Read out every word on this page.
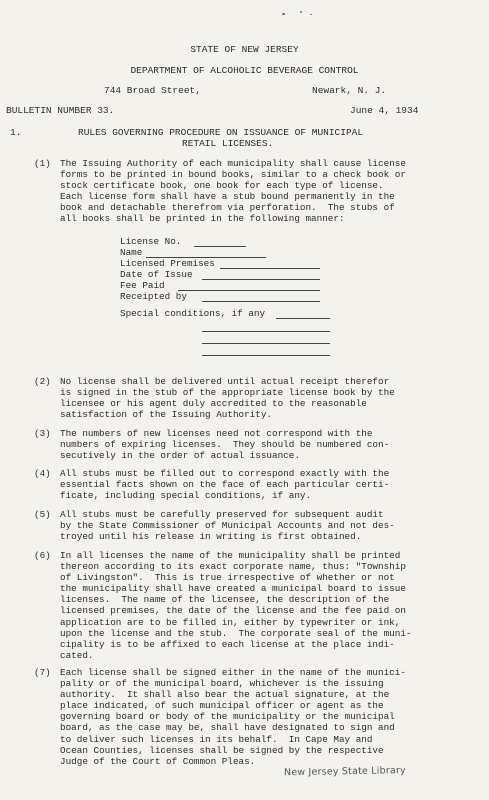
STATE OF NEW JERSEY
DEPARTMENT OF ALCOHOLIC BEVERAGE CONTROL
744 Broad Street,	Newark, N. J.
BULLETIN NUMBER 33.	June 4, 1934
1.	RULES GOVERNING PROCEDURE ON ISSUANCE OF MUNICIPAL
RETAIL LICENSES.
(1) The Issuing Authority of each municipality shall cause license
forms to be printed in bound books, similar to a check book or
stock certificate book, one book for each type of license.
Each license form shall have a stub bound permanently in the
book and detachable therefrom via perforation.  The stubs of
all books shall be printed in the following manner:
License No.
Name
Licensed Premises
Date of Issue
Fee Paid
Receipted by
Special conditions, if any
(2) No license shall be delivered until actual receipt therefor
is signed in the stub of the appropriate license book by the
licensee or his agent duly accredited to the reasonable
satisfaction of the Issuing Authority.
(3) The numbers of new licenses need not correspond with the
numbers of expiring licenses.  They should be numbered con-
secutively in the order of actual issuance.
(4) All stubs must be filled out to correspond exactly with the
essential facts shown on the face of each particular certi-
ficate, including special conditions, if any.
(5) All stubs must be carefully preserved for subsequent audit
by the State Commissioner of Municipal Accounts and not des-
troyed until his release in writing is first obtained.
(6) In all licenses the name of the municipality shall be printed
thereon according to its exact corporate name, thus: "Township
of Livingston".  This is true irrespective of whether or not
the municipality shall have created a municipal board to issue
licenses.  The name of the licensee, the description of the
licensed premises, the date of the license and the fee paid on
application are to be filled in, either by typewriter or ink,
upon the license and the stub.  The corporate seal of the muni-
cipality is to be affixed to each license at the place indi-
cated.
(7) Each license shall be signed either in the name of the munici-
pality or of the municipal board, whichever is the issuing
authority.  It shall also bear the actual signature, at the
place indicated, of such municipal officer or agent as the
governing board or body of the municipality or the municipal
board, as the case may be, shall have designated to sign and
to deliver such licenses in its behalf.  In Cape May and
Ocean Counties, licenses shall be signed by the respective
Judge of the Court of Common Pleas.
New Jersey State Library
